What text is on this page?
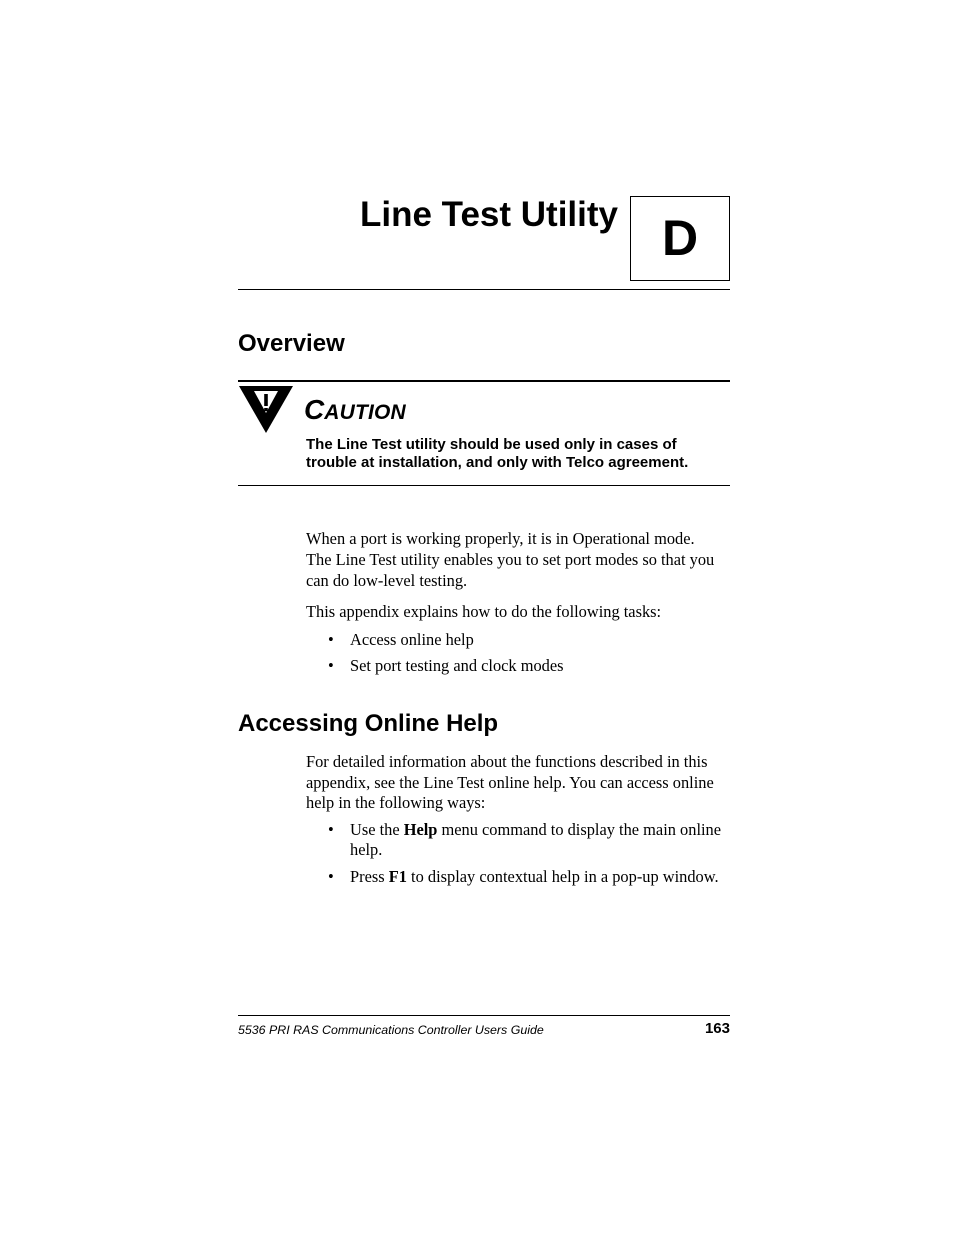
Line Test Utility D
Overview
CAUTION
The Line Test utility should be used only in cases of
trouble at installation, and only with Telco agreement.
When a port is working properly, it is in Operational mode.
The Line Test utility enables you to set port modes so that you
can do low-level testing.
This appendix explains how to do the following tasks:
• Access online help
• Set port testing and clock modes
Accessing Online Help
For detailed information about the functions described in this
appendix, see the Line Test online help. You can access online
help in the following ways:
• Use the Help menu command to display the main online
help.
• Press F1 to display contextual help in a pop-up window.
5536 PRI RAS Communications Controller Users Guide	163
